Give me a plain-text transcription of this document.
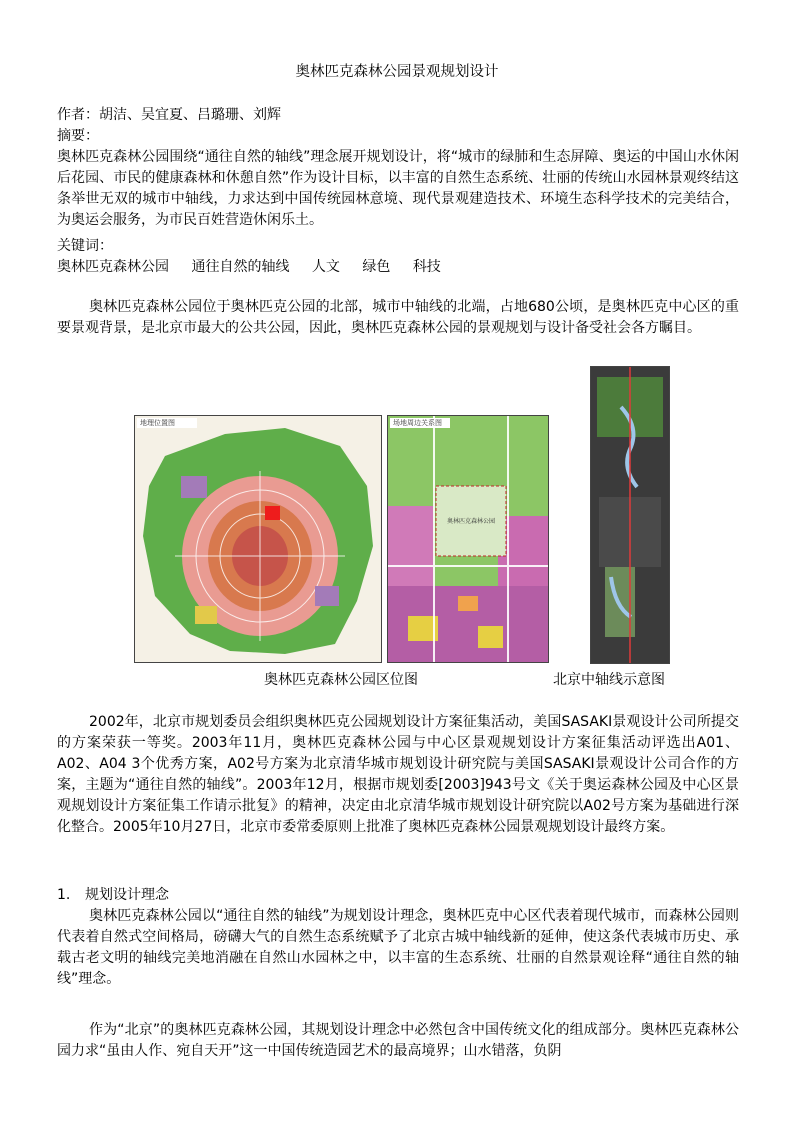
奥林匹克森林公园景观规划设计
作者：胡洁、吴宜夏、吕璐珊、刘辉
摘要：
奥林匹克森林公园围绕“通往自然的轴线”理念展开规划设计，将“城市的绿肺和生态屏障、奥运的中国山水休闲后花园、市民的健康森林和休憩自然”作为设计目标，以丰富的自然生态系统、壮丽的传统山水园林景观终结这条举世无双的城市中轴线，力求达到中国传统园林意境、现代景观建造技术、环境生态科学技术的完美结合，为奥运会服务，为市民百姓营造休闲乐土。
关键词：
奥林匹克森林公园 通往自然的轴线 人文 绿色 科技
奥林匹克森林公园位于奥林匹克公园的北部，城市中轴线的北端，占地680公顷，是奥林匹克中心区的重要景观背景，是北京市最大的公共公园，因此，奥林匹克森林公园的景观规划与设计备受社会各方瞩目。
地理位置图	场地周边关系图
奥林匹克森林公园
奥林匹克森林公园区位图	北京中轴线示意图
2002年，北京市规划委员会组织奥林匹克公园规划设计方案征集活动，美国SASAKI景观设计公司所提交的方案荣获一等奖。2003年11月，奥林匹克森林公园与中心区景观规划设计方案征集活动评选出A01、A02、A04 3个优秀方案，A02号方案为北京清华城市规划设计研究院与美国SASAKI景观设计公司合作的方案，主题为“通往自然的轴线”。2003年12月，根据市规划委[2003]943号文《关于奥运森林公园及中心区景观规划设计方案征集工作请示批复》的精神，决定由北京清华城市规划设计研究院以A02号方案为基础进行深化整合。2005年10月27日，北京市委常委原则上批准了奥林匹克森林公园景观规划设计最终方案。
1. 规划设计理念
奥林匹克森林公园以“通往自然的轴线”为规划设计理念，奥林匹克中心区代表着现代城市，而森林公园则代表着自然式空间格局，磅礴大气的自然生态系统赋予了北京古城中轴线新的延伸，使这条代表城市历史、承载古老文明的轴线完美地消融在自然山水园林之中，以丰富的生态系统、壮丽的自然景观诠释“通往自然的轴线”理念。
作为“北京”的奥林匹克森林公园，其规划设计理念中必然包含中国传统文化的组成部分。奥林匹克森林公园力求“虽由人作、宛自天开”这一中国传统造园艺术的最高境界；山水错落，负阴
